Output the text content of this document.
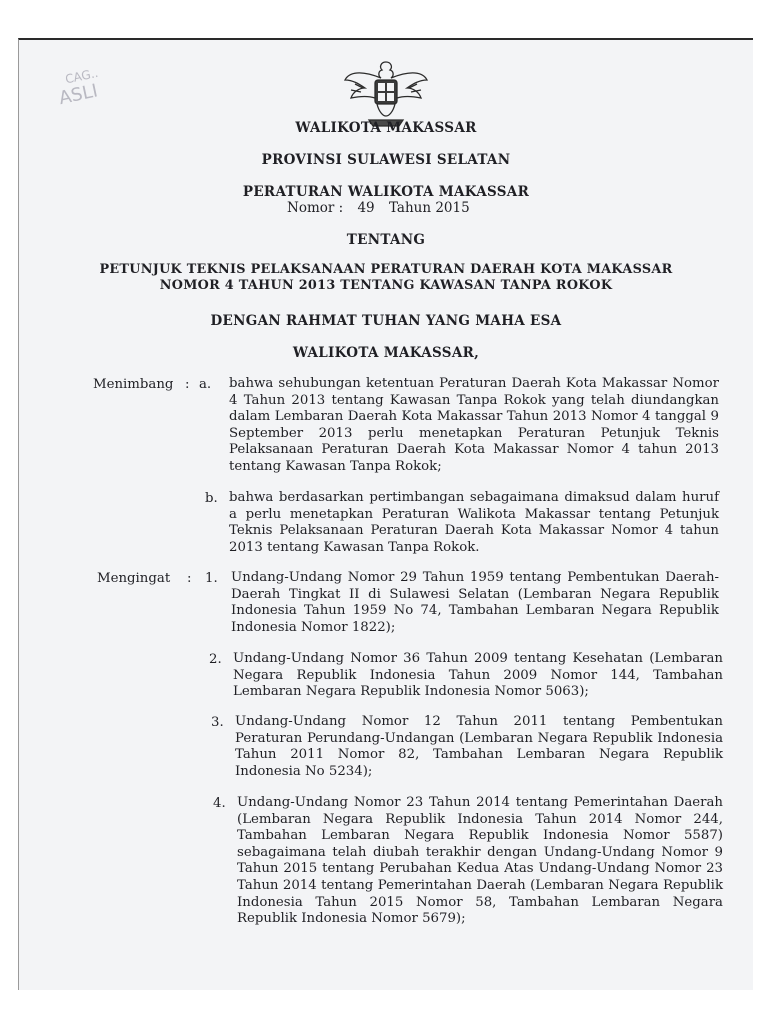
CAG..
ASLI
WALIKOTA MAKASSAR
PROVINSI SULAWESI SELATAN
PERATURAN WALIKOTA MAKASSAR
Nomor : 49 Tahun 2015
TENTANG
PETUNJUK TEKNIS PELAKSANAAN PERATURAN DAERAH KOTA MAKASSAR
NOMOR 4 TAHUN 2013 TENTANG KAWASAN TANPA ROKOK
DENGAN RAHMAT TUHAN YANG MAHA ESA
WALIKOTA MAKASSAR,
Menimbang : a. bahwa sehubungan ketentuan Peraturan Daerah Kota Makassar Nomor 4 Tahun 2013 tentang Kawasan Tanpa Rokok yang telah diundangkan dalam Lembaran Daerah Kota Makassar Tahun 2013 Nomor 4 tanggal 9 September 2013 perlu menetapkan Peraturan Petunjuk Teknis Pelaksanaan Peraturan Daerah Kota Makassar Nomor 4 tahun 2013 tentang Kawasan Tanpa Rokok;
b. bahwa berdasarkan pertimbangan sebagaimana dimaksud dalam huruf a perlu menetapkan Peraturan Walikota Makassar tentang Petunjuk Teknis Pelaksanaan Peraturan Daerah Kota Makassar Nomor 4 tahun 2013 tentang Kawasan Tanpa Rokok.
Mengingat : 1. Undang-Undang Nomor 29 Tahun 1959 tentang Pembentukan Daerah-Daerah Tingkat II di Sulawesi Selatan (Lembaran Negara Republik Indonesia Tahun 1959 No 74, Tambahan Lembaran Negara Republik Indonesia Nomor 1822);
2. Undang-Undang Nomor 36 Tahun 2009 tentang Kesehatan (Lembaran Negara Republik Indonesia Tahun 2009 Nomor 144, Tambahan Lembaran Negara Republik Indonesia Nomor 5063);
3. Undang-Undang Nomor 12 Tahun 2011 tentang Pembentukan Peraturan Perundang-Undangan (Lembaran Negara Republik Indonesia Tahun 2011 Nomor 82, Tambahan Lembaran Negara Republik Indonesia No 5234);
4. Undang-Undang Nomor 23 Tahun 2014 tentang Pemerintahan Daerah (Lembaran Negara Republik Indonesia Tahun 2014 Nomor 244, Tambahan Lembaran Negara Republik Indonesia Nomor 5587) sebagaimana telah diubah terakhir dengan Undang-Undang Nomor 9 Tahun 2015 tentang Perubahan Kedua Atas Undang-Undang Nomor 23 Tahun 2014 tentang Pemerintahan Daerah (Lembaran Negara Republik Indonesia Tahun 2015 Nomor 58, Tambahan Lembaran Negara Republik Indonesia Nomor 5679);
